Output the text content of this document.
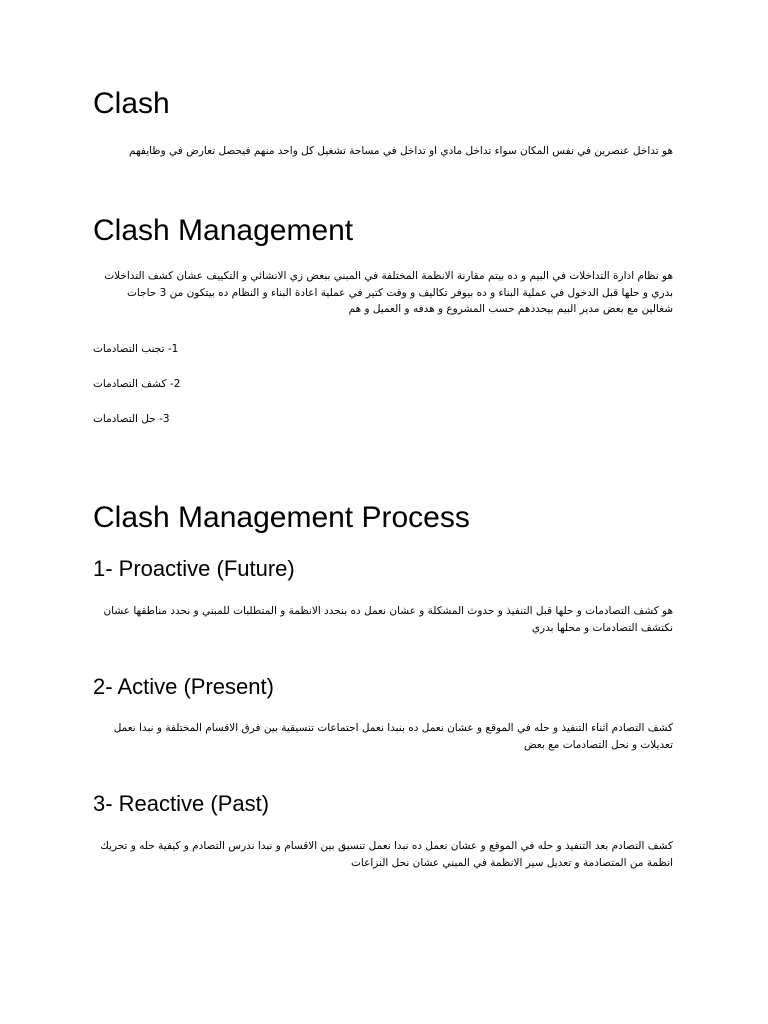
Clash

هو تداخل عنصرين في نفس المكان سواء تداخل مادي او تداخل في مساحة تشغيل كل واحد منهم فيحصل تعارض في وظايفهم

Clash Management

هو نظام ادارة التداخلات في البيم و ده بيتم مقارنة الانظمة المختلفة في المبني ببعض زي الانشائي و التكييف عشان كشف التداخلات بدري و حلها قبل الدخول في عملية البناء و ده بيوفر تكاليف و وقت كتير في عملية اعادة البناء و النظام ده بيتكون من 3 حاجات شغالين مع بعض مدير البيم بيحددهم حسب المشروع و هدفه و العميل و هم

1- تجنب التصادمات

2- كشف التصادمات

3- حل التصادمات

Clash Management Process
1- Proactive (Future)

هو كشف التصادمات و حلها قبل التنفيذ و حدوث المشكلة و عشان نعمل ده بنحدد الانظمة و المتطلبات للمبني و نحدد مناطقها عشان نكتشف التصادمات و محلها بدري

2- Active (Present)

كشف التصادم اثناء التنفيذ و حله في الموقع و عشان نعمل ده بنبدا نعمل اجتماعات تنسيقية بين فرق الاقسام المختلفة و نبدا نعمل تعديلات و نحل التصادمات مع بعض

3- Reactive (Past)

كشف التصادم بعد التنفيذ و حله في الموقع و عشان نعمل ده نبدا نعمل تنسيق بين الاقسام و نبدا ندرس التصادم و كيفية حله و تحريك انظمة من المتصادمة و تعديل سير الانظمة في المبني عشان نحل النزاعات
